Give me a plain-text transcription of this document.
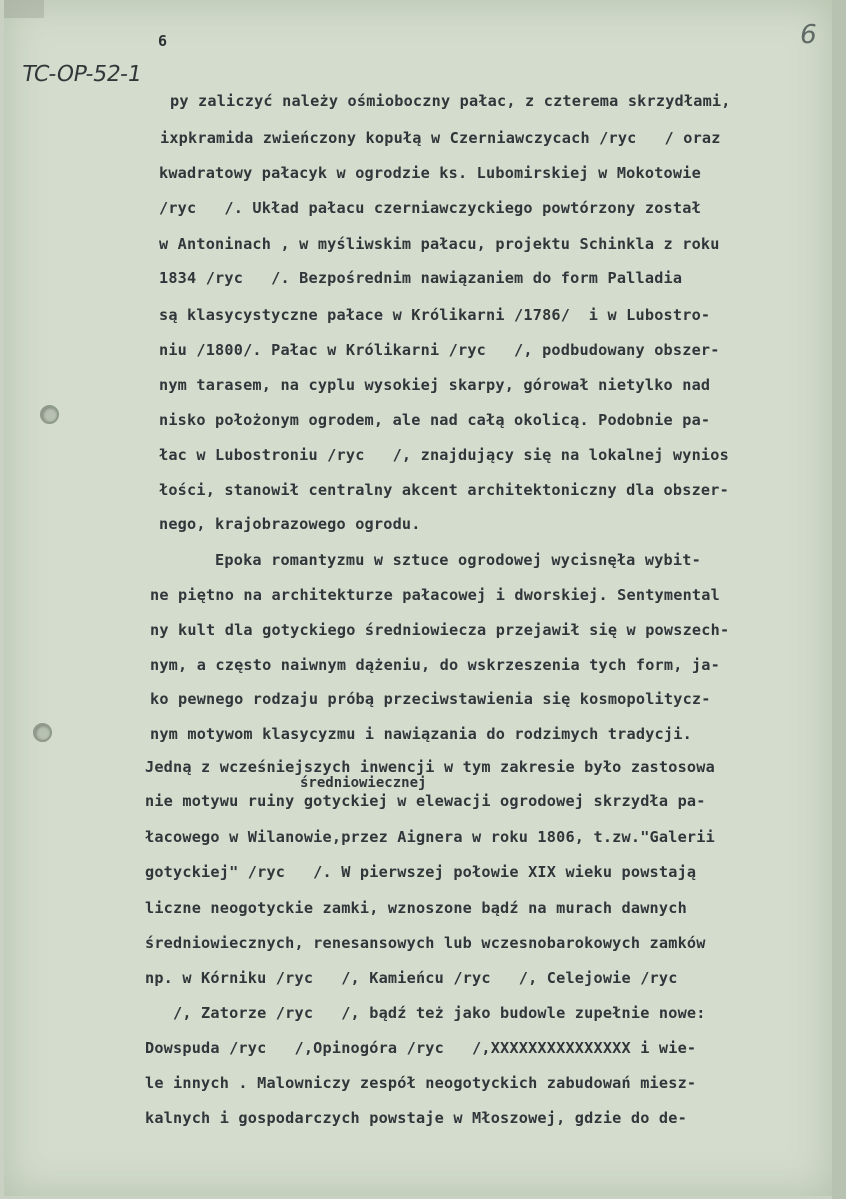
TC-OP-52-1
6
6
py zaliczyć należy ośmioboczny pałac, z czterema skrzydłami,
ixpkramida zwieńczony kopułą w Czerniawczycach /ryc   / oraz
kwadratowy pałacyk w ogrodzie ks. Lubomirskiej w Mokotowie
/ryc   /. Układ pałacu czerniawczyckiego powtórzony został
w Antoninach , w myśliwskim pałacu, projektu Schinkla z roku
1834 /ryc   /. Bezpośrednim nawiązaniem do form Palladia
są klasycystyczne pałace w Królikarni /1786/  i w Lubostro-
niu /1800/. Pałac w Królikarni /ryc   /, podbudowany obszer-
nym tarasem, na cyplu wysokiej skarpy, górował nietylko nad
nisko położonym ogrodem, ale nad całą okolicą. Podobnie pa-
łac w Lubostroniu /ryc   /, znajdujący się na lokalnej wynios
łości, stanowił centralny akcent architektoniczny dla obszer-
nego, krajobrazowego ogrodu.
Epoka romantyzmu w sztuce ogrodowej wycisnęła wybit-
ne piętno na architekturze pałacowej i dworskiej. Sentymental
ny kult dla gotyckiego średniowiecza przejawił się w powszech-
nym, a często naiwnym dążeniu, do wskrzeszenia tych form, ja-
ko pewnego rodzaju próbą przeciwstawienia się kosmopolitycz-
nym motywom klasycyzmu i nawiązania do rodzimych tradycji.
Jedną z wcześniejszych inwencji w tym zakresie było zastosowa
średniowiecznej
nie motywu ruiny gotyckiej w elewacji ogrodowej skrzydła pa-
łacowego w Wilanowie,przez Aignera w roku 1806, t.zw."Galerii
gotyckiej" /ryc   /. W pierwszej połowie XIX wieku powstają
liczne neogotyckie zamki, wznoszone bądź na murach dawnych
średniowiecznych, renesansowych lub wczesnobarokowych zamków
np. w Kórniku /ryc   /, Kamieńcu /ryc   /, Celejowie /ryc
/, Zatorze /ryc   /, bądź też jako budowle zupełnie nowe:
Dowspuda /ryc   /,Opinogóra /ryc   /,XXXXXXXXXXXXXXX i wie-
le innych . Malowniczy zespół neogotyckich zabudowań miesz-
kalnych i gospodarczych powstaje w Młoszowej, gdzie do de-
